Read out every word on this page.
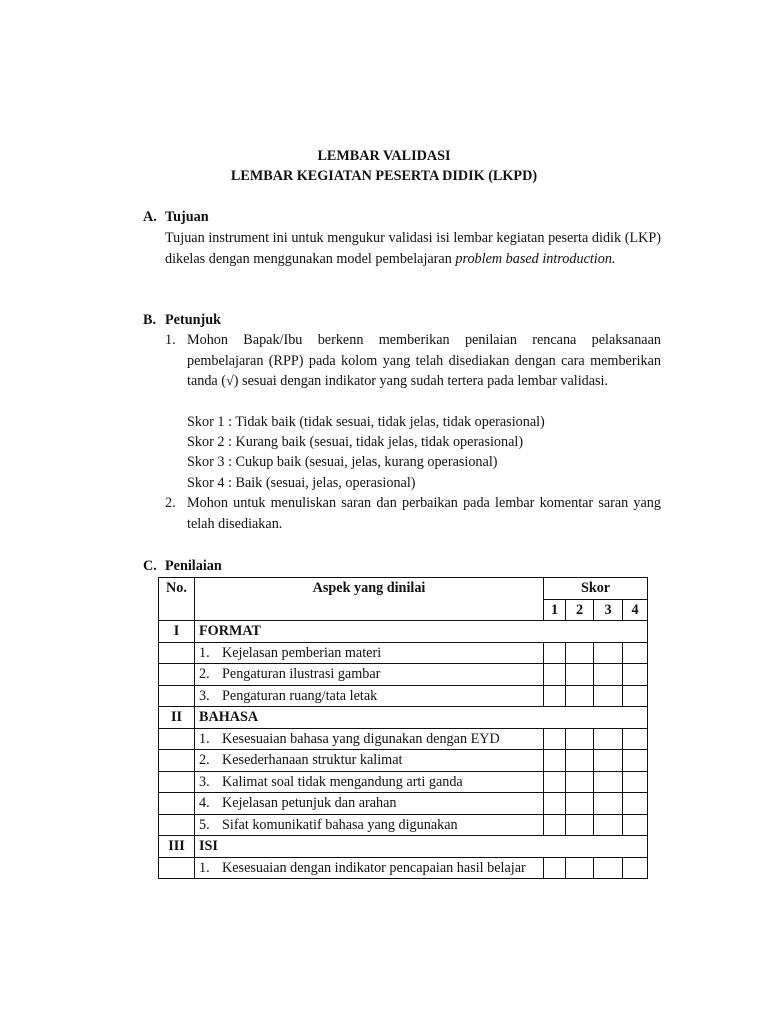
LEMBAR VALIDASI
LEMBAR KEGIATAN PESERTA DIDIK (LKPD)
A. Tujuan
Tujuan instrument ini untuk mengukur validasi isi lembar kegiatan peserta didik (LKP) dikelas dengan menggunakan model pembelajaran problem based introduction.
B. Petunjuk
1. Mohon Bapak/Ibu berkenn memberikan penilaian rencana pelaksanaan pembelajaran (RPP) pada kolom yang telah disediakan dengan cara memberikan tanda (√) sesuai dengan indikator yang sudah tertera pada lembar validasi.
Skor 1 : Tidak baik (tidak sesuai, tidak jelas, tidak operasional)
Skor 2 : Kurang baik (sesuai, tidak jelas, tidak operasional)
Skor 3 : Cukup baik (sesuai, jelas, kurang operasional)
Skor 4 : Baik (sesuai, jelas, operasional)
2. Mohon untuk menuliskan saran dan perbaikan pada lembar komentar saran yang telah disediakan.
C. Penilaian
No.	Aspek yang dinilai	Skor			
		1	2	3	4
I	FORMAT				

	1. Kejelasan pemberian materi				

	2. Pengaturan ilustrasi gambar				

	3. Pengaturan ruang/tata letak				

II	BAHASA				

	1. Kesesuaian bahasa yang digunakan dengan EYD				

	2. Kesederhanaan struktur kalimat				

	3. Kalimat soal tidak mengandung arti ganda				

	4. Kejelasan petunjuk dan arahan				

	5. Sifat komunikatif bahasa yang digunakan				

III	ISI				

	1. Kesesuaian dengan indikator pencapaian hasil belajar				
